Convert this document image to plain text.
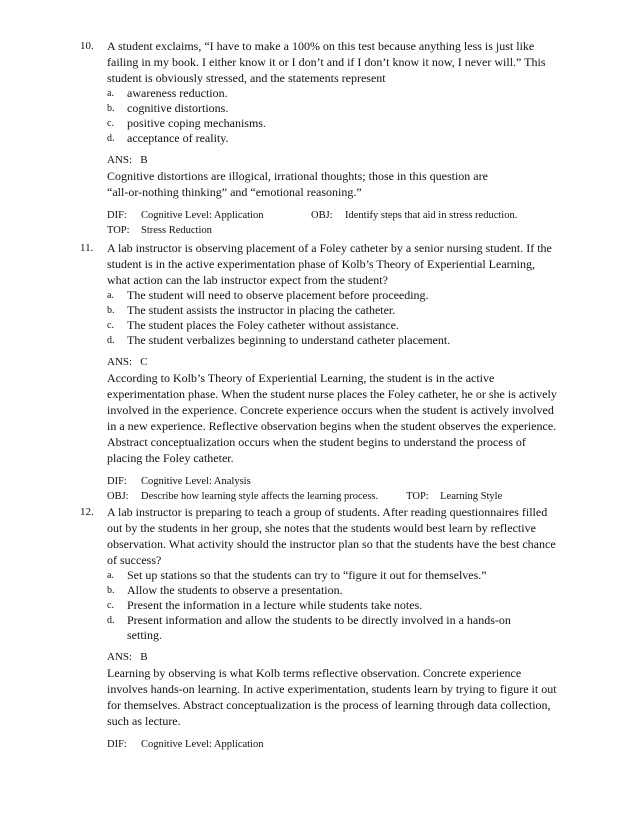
10.	A student exclaims, “I have to make a 100% on this test because anything less is just like
failing in my book. I either know it or I don’t and if I don’t know it now, I never will.” This
student is obviously stressed, and the statements represent
a. awareness reduction.
b. cognitive distortions.
c. positive coping mechanisms.
d. acceptance of reality.
ANS:   B
Cognitive distortions are illogical, irrational thoughts; those in this question are
“all-or-nothing thinking” and “emotional reasoning.”
DIF: Cognitive Level: Application	OBJ: Identify steps that aid in stress reduction.
TOP: Stress Reduction
11.	A lab instructor is observing placement of a Foley catheter by a senior nursing student. If the
student is in the active experimentation phase of Kolb’s Theory of Experiential Learning,
what action can the lab instructor expect from the student?
a. The student will need to observe placement before proceeding.
b. The student assists the instructor in placing the catheter.
c. The student places the Foley catheter without assistance.
d. The student verbalizes beginning to understand catheter placement.
ANS:   C
According to Kolb’s Theory of Experiential Learning, the student is in the active
experimentation phase. When the student nurse places the Foley catheter, he or she is actively
involved in the experience. Concrete experience occurs when the student is actively involved
in a new experience. Reflective observation begins when the student observes the experience.
Abstract conceptualization occurs when the student begins to understand the process of
placing the Foley catheter.
DIF: Cognitive Level: Analysis
OBJ: Describe how learning style affects the learning process.	TOP: Learning Style
12.	A lab instructor is preparing to teach a group of students. After reading questionnaires filled
out by the students in her group, she notes that the students would best learn by reflective
observation. What activity should the instructor plan so that the students have the best chance
of success?
a. Set up stations so that the students can try to “figure it out for themselves.”
b. Allow the students to observe a presentation.
c. Present the information in a lecture while students take notes.
d. Present information and allow the students to be directly involved in a hands-on
setting.
ANS:   B
Learning by observing is what Kolb terms reflective observation. Concrete experience
involves hands-on learning. In active experimentation, students learn by trying to figure it out
for themselves. Abstract conceptualization is the process of learning through data collection,
such as lecture.
DIF: Cognitive Level: Application
